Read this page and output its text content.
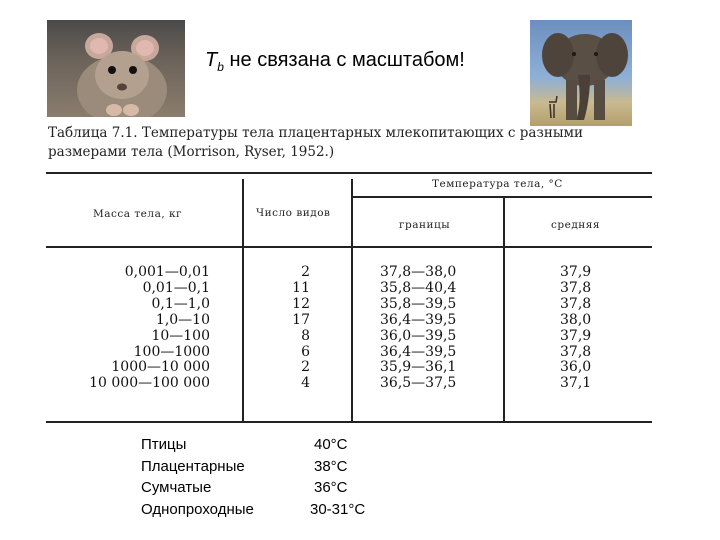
$T_b$ не связана с масштабом!
Таблица 7.1. Температуры тела плацентарных млекопитающих с разными размерами тела (Morrison, Ryser, 1952.)
Масса тела, кг	Число видов
Температура тела, °C
границы	средняя
0,001—0,01
0,01—0,1
0,1—1,0
1,0—10
10—100
100—1000
1000—10 000
10 000—100 000
2
11
12
17
8
6
2
4
37,8—38,0
35,8—40,4
35,8—39,5
36,4—39,5
36,0—39,5
36,4—39,5
35,9—36,1
36,5—37,5
37,9
37,8
37,8
38,0
37,9
37,8
36,0
37,1
Птицы
Плацентарные
Сумчатые
Однопроходные
40°C
38°C
36°C
30-31°C
